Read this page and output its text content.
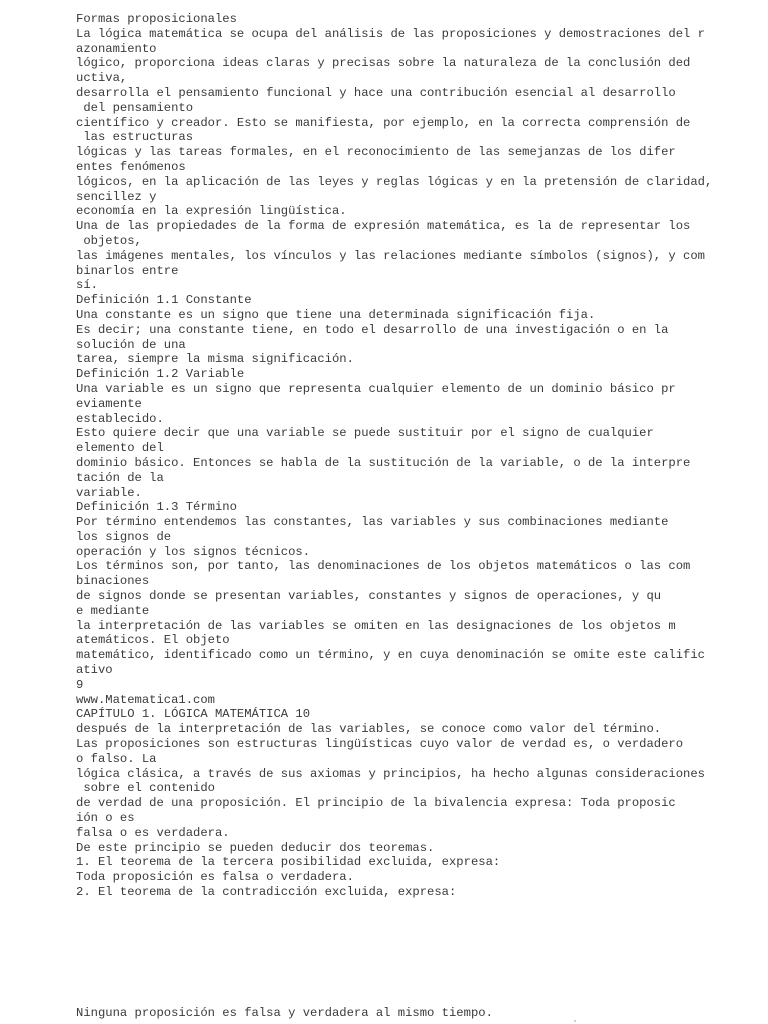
Formas proposicionales
La lógica matemática se ocupa del análisis de las proposiciones y demostraciones del r
azonamiento
lógico, proporciona ideas claras y precisas sobre la naturaleza de la conclusión ded
uctiva,
desarrolla el pensamiento funcional y hace una contribución esencial al desarrollo
del pensamiento
científico y creador. Esto se manifiesta, por ejemplo, en la correcta comprensión de
las estructuras
lógicas y las tareas formales, en el reconocimiento de las semejanzas de los difer
entes fenómenos
lógicos, en la aplicación de las leyes y reglas lógicas y en la pretensión de claridad,
sencillez y
economía en la expresión lingüística.
Una de las propiedades de la forma de expresión matemática, es la de representar los
objetos,
las imágenes mentales, los vínculos y las relaciones mediante símbolos (signos), y com
binarlos entre
sí.
Definición 1.1 Constante
Una constante es un signo que tiene una determinada significación fija.
Es decir; una constante tiene, en todo el desarrollo de una investigación o en la
solución de una
tarea, siempre la misma significación.
Definición 1.2 Variable
Una variable es un signo que representa cualquier elemento de un dominio básico pr
eviamente
establecido.
Esto quiere decir que una variable se puede sustituir por el signo de cualquier
elemento del
dominio básico. Entonces se habla de la sustitución de la variable, o de la interpre
tación de la
variable.
Definición 1.3 Término
Por término entendemos las constantes, las variables y sus combinaciones mediante
los signos de
operación y los signos técnicos.
Los términos son, por tanto, las denominaciones de los objetos matemáticos o las com
binaciones
de signos donde se presentan variables, constantes y signos de operaciones, y qu
e mediante
la interpretación de las variables se omiten en las designaciones de los objetos m
atemáticos. El objeto
matemático, identificado como un término, y en cuya denominación se omite este calific
ativo
9
www.Matematica1.com
CAPÍTULO 1. LÓGICA MATEMÁTICA 10
después de la interpretación de las variables, se conoce como valor del término.
Las proposiciones son estructuras lingüísticas cuyo valor de verdad es, o verdadero
o falso. La
lógica clásica, a través de sus axiomas y principios, ha hecho algunas consideraciones
sobre el contenido
de verdad de una proposición. El principio de la bivalencia expresa: Toda proposic
ión o es
falsa o es verdadera.
De este principio se pueden deducir dos teoremas.
1. El teorema de la tercera posibilidad excluida, expresa:
Toda proposición es falsa o verdadera.
2. El teorema de la contradicción excluida, expresa:
Ninguna proposición es falsa y verdadera al mismo tiempo.
